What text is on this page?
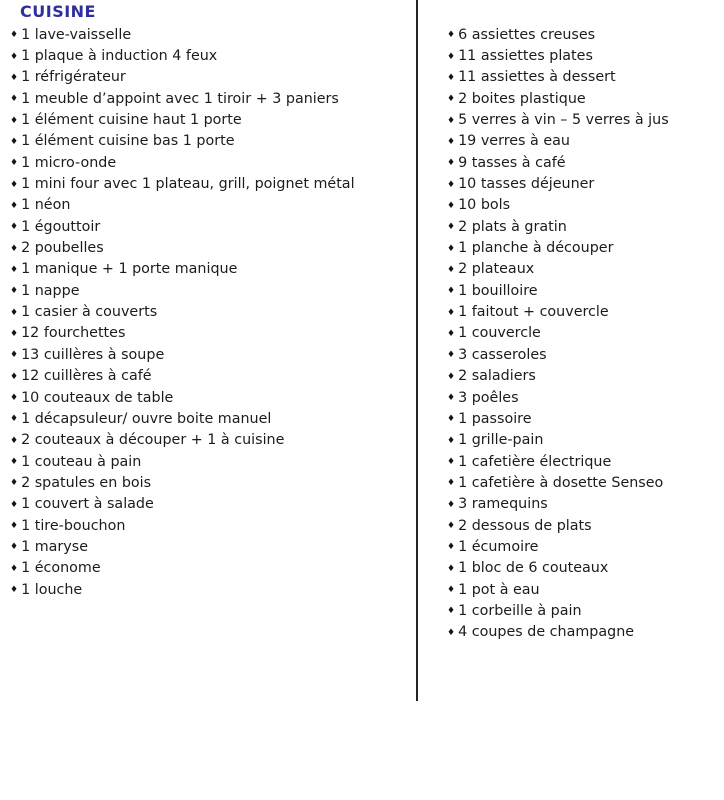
CUISINE
♦ 1 lave-vaisselle
♦ 1 plaque à induction 4 feux
♦ 1 réfrigérateur
♦ 1 meuble d’appoint avec 1 tiroir + 3 paniers
♦ 1 élément cuisine haut 1 porte
♦ 1 élément cuisine bas 1 porte
♦ 1 micro-onde
♦ 1 mini four avec 1 plateau, grill, poignet métal
♦ 1 néon
♦ 1 égouttoir
♦ 2 poubelles
♦ 1 manique + 1 porte manique
♦ 1 nappe
♦ 1 casier à couverts
♦ 12 fourchettes
♦ 13 cuillères à soupe
♦ 12 cuillères à café
♦ 10 couteaux de table
♦ 1 décapsuleur/ ouvre boite manuel
♦ 2 couteaux à découper + 1 à cuisine
♦ 1 couteau à pain
♦ 2 spatules en bois
♦ 1 couvert à salade
♦ 1 tire-bouchon
♦ 1 maryse
♦ 1 économe
♦ 1 louche
♦ 6 assiettes creuses
♦ 11 assiettes plates
♦ 11 assiettes à dessert
♦ 2 boites plastique
♦ 5 verres à vin – 5 verres à jus
♦ 19 verres à eau
♦ 9 tasses à café
♦ 10 tasses déjeuner
♦ 10 bols
♦ 2 plats à gratin
♦ 1 planche à découper
♦ 2 plateaux
♦ 1 bouilloire
♦ 1 faitout + couvercle
♦ 1 couvercle
♦ 3 casseroles
♦ 2 saladiers
♦ 3 poêles
♦ 1 passoire
♦ 1 grille-pain
♦ 1 cafetière électrique
♦ 1 cafetière à dosette Senseo
♦ 3 ramequins
♦ 2 dessous de plats
♦ 1 écumoire
♦ 1 bloc de 6 couteaux
♦ 1 pot à eau
♦ 1 corbeille à pain
♦ 4 coupes de champagne
